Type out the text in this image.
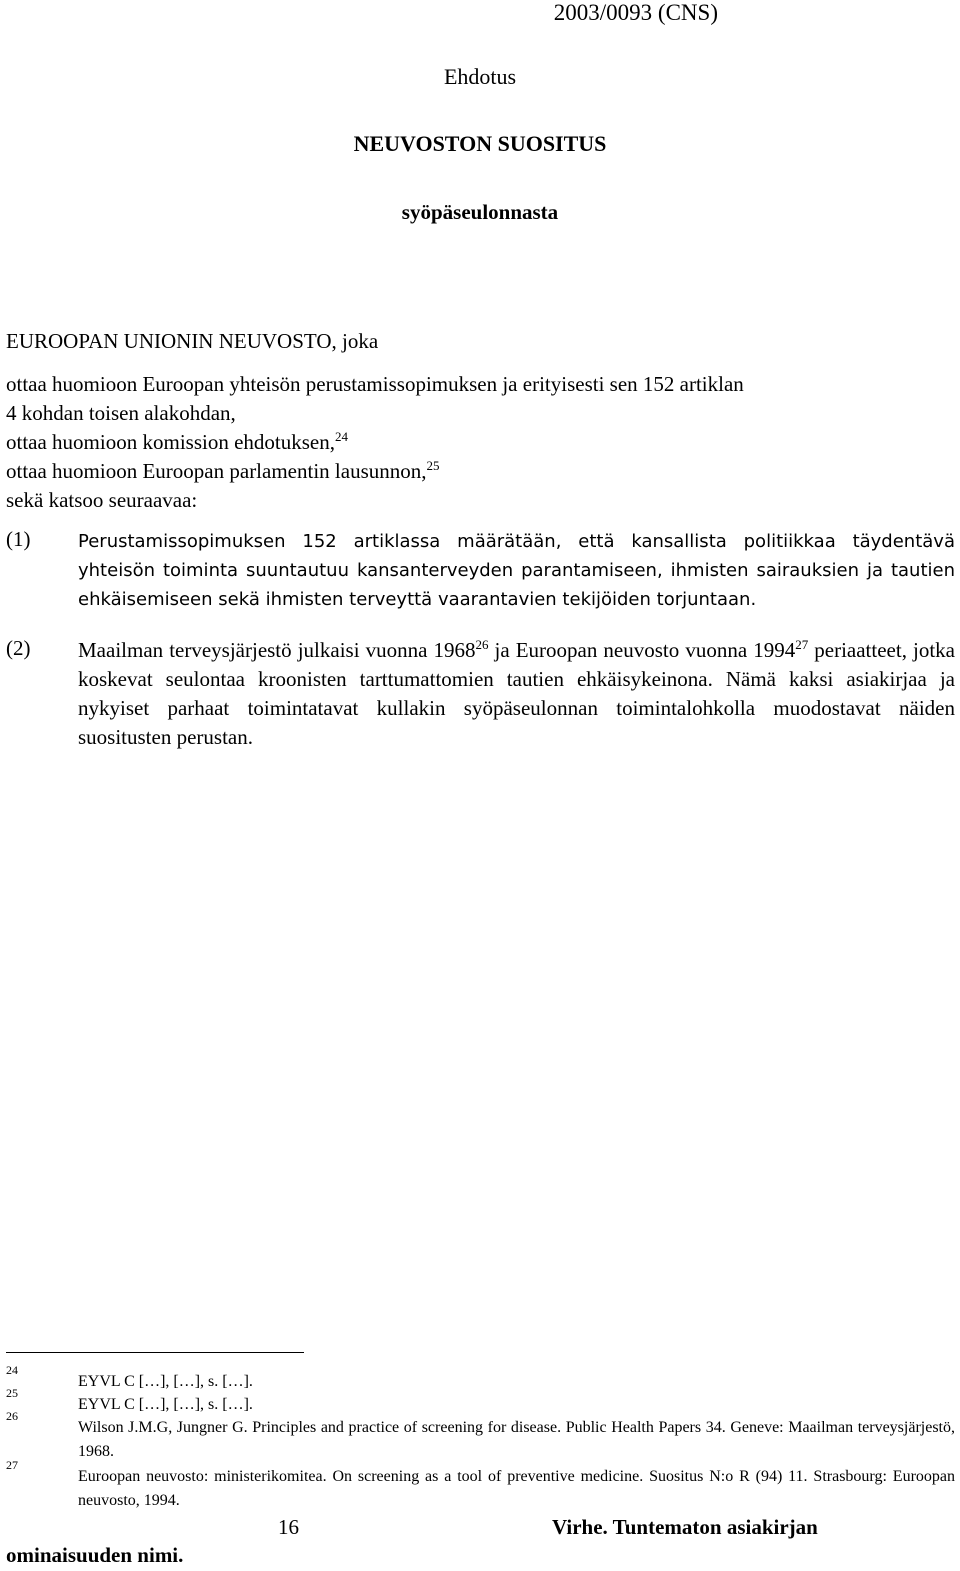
2003/0093 (CNS)
Ehdotus
NEUVOSTON SUOSITUS
syöpäseulonnasta
EUROOPAN UNIONIN NEUVOSTO, joka
ottaa huomioon Euroopan yhteisön perustamissopimuksen ja erityisesti sen 152 artiklan
4 kohdan toisen alakohdan,
ottaa huomioon komission ehdotuksen,$^{24}$
ottaa huomioon Euroopan parlamentin lausunnon,$^{25}$
sekä katsoo seuraavaa:
(1)	Perustamissopimuksen 152 artiklassa määrätään, että kansallista politiikkaa täydentävä yhteisön toiminta suuntautuu kansanterveyden parantamiseen, ihmisten sairauksien ja tautien ehkäisemiseen sekä ihmisten terveyttä vaarantavien tekijöiden torjuntaan.
(2) Maailman terveysjärjestö julkaisi vuonna 1968$^{26}$ ja Euroopan neuvosto vuonna 1994$^{27}$ periaatteet, jotka koskevat seulontaa kroonisten tarttumattomien tautien ehkäisykeinona. Nämä kaksi asiakirjaa ja nykyiset parhaat toimintatavat kullakin syöpäseulonnan toimintalohkolla muodostavat näiden suositusten perustan.
24
EYVL C […], […], s. […].
25
EYVL C […], […], s. […].
26
Wilson J.M.G, Jungner G. Principles and practice of screening for disease. Public Health Papers 34. Geneve: Maailman terveysjärjestö, 1968.
27
Euroopan neuvosto: ministerikomitea. On screening as a tool of preventive medicine. Suositus N:o R (94) 11. Strasbourg: Euroopan neuvosto, 1994.
16	Virhe. Tuntematon asiakirjan
ominaisuuden nimi.
